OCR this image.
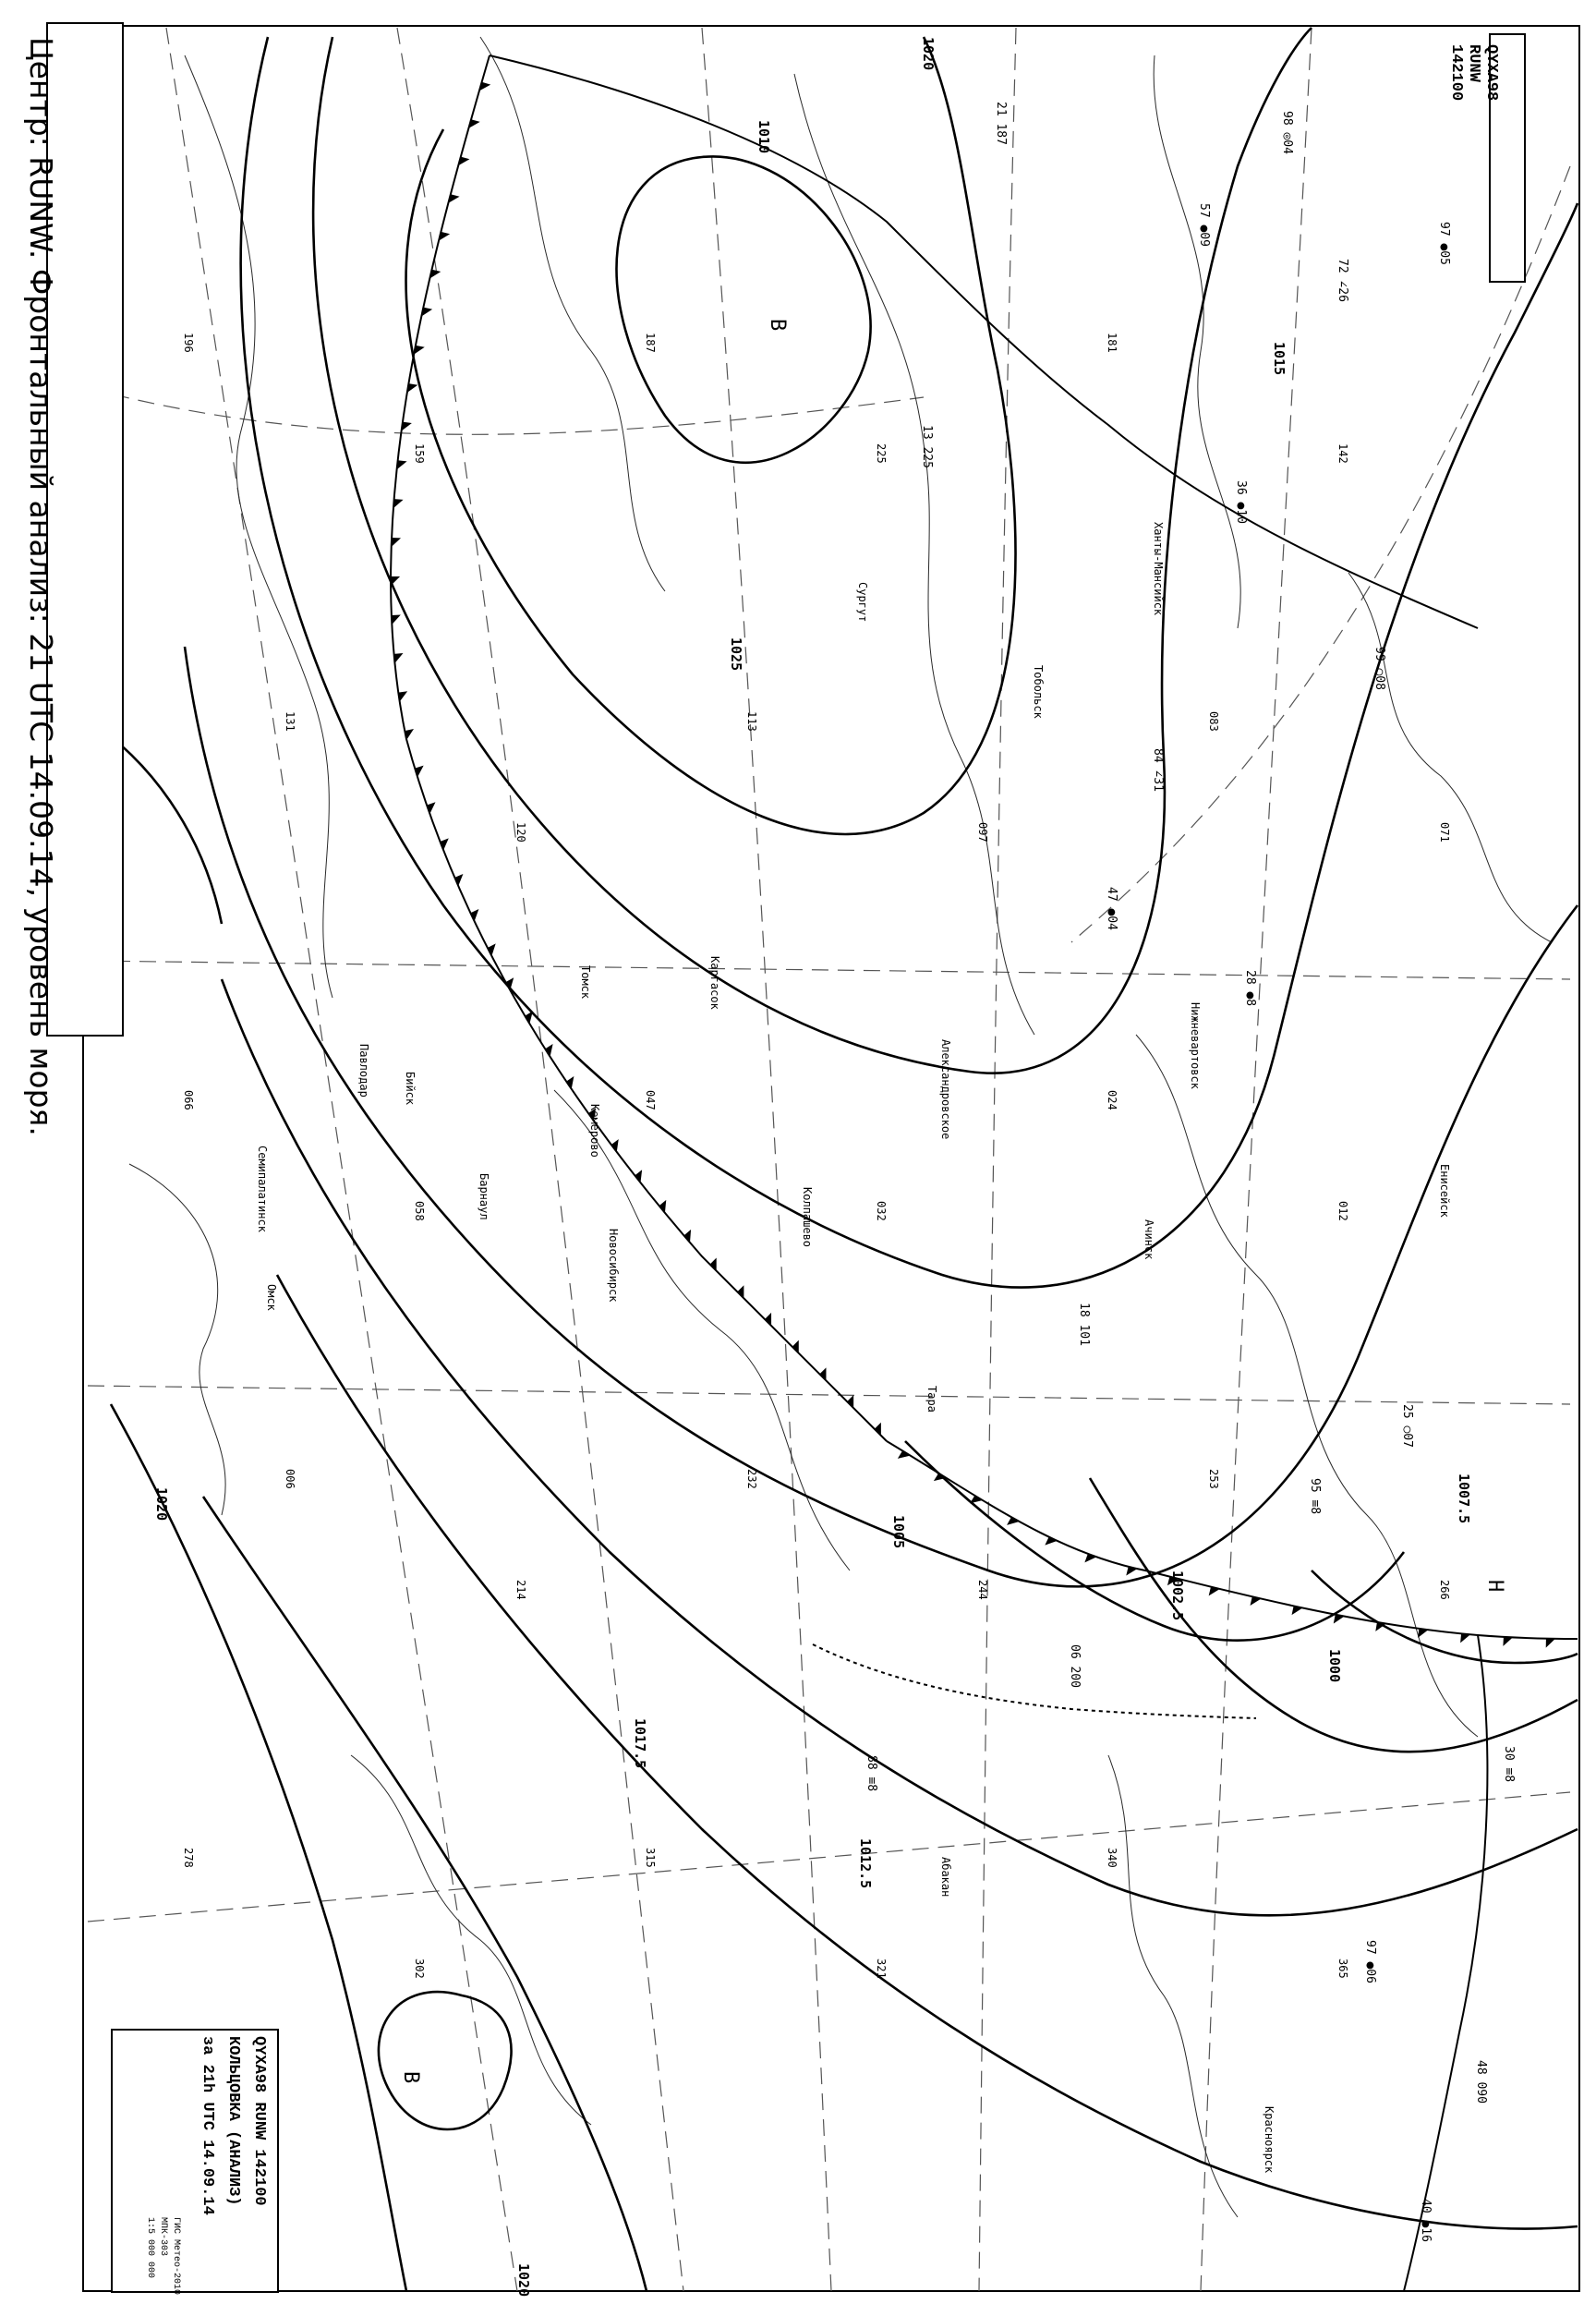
В
В
Н
1025
1020
1017.5
1015
1012.5
1010
1007.5
1005
1002.5
1000
1020
1020
Новосибирск
Барнаул
Томск
Колпашево
Александровское
Каргасок
Омск
Павлодар
Семипалатинск
Бийск
Кемерово
Красноярск
Енисейск
Ачинск
Абакан
Тара
Тобольск
Ханты-Мансийск
Сургут
Нижневартовск
97 ●05
98 ◎04
99 ○08
25 ○07
30 ≡8
21 187
13 225
57 ●09
84 ∠31
72 ∠26
36 ●10
18 101
95 ≡8
40 ●16
97 ●06
48 090
28 ●8
06 200
88 ≡8
47 ●04
196
159
187
225
181
142
131
120
113
097
083
071
066
058
047
032
024
012
006
214
232
244
253
266
278
302
315
321
340
365
Центр: RUNW. Фронтальный анализ: 21 UTC 14.09.14, уровень моря.	QYXA98 RUNW 142100
QYXA98 RUNW 142100
КОЛЬЦОВКА (АНАЛИЗ)
за 21h UTC 14.09.14
ГИС Метео-2010
МПК-303
1:5 000 000
